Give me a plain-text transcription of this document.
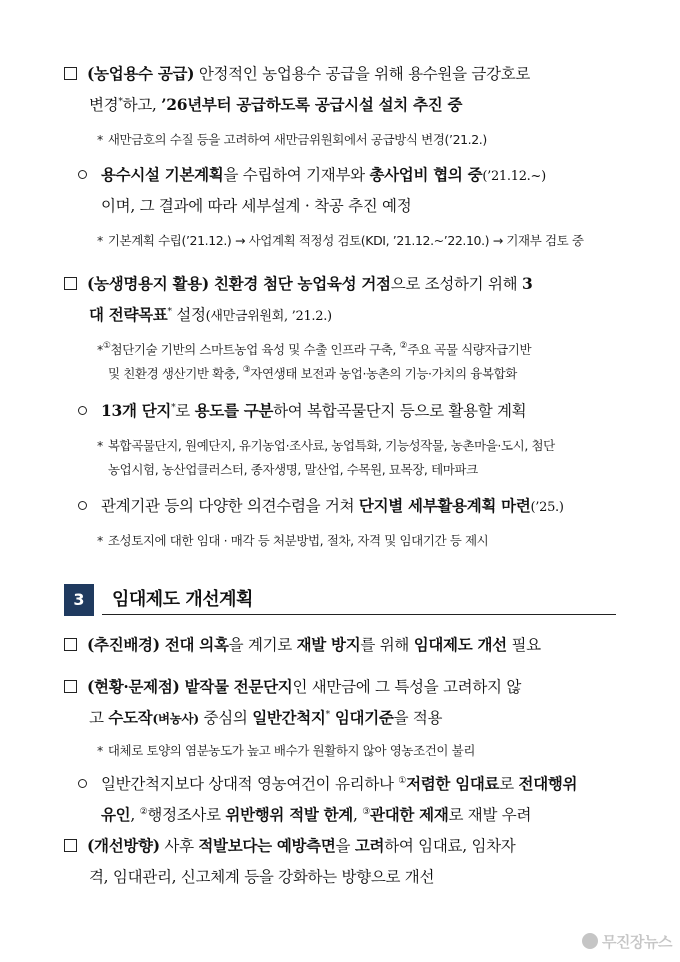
(농업용수 공급) 안정적인 농업용수 공급을 위해 용수원을 금강호로
변경*하고, ’26년부터 공급하도록 공급시설 설치 추진 중
* 새만금호의 수질 등을 고려하여 새만금위원회에서 공급방식 변경(’21.2.)
용수시설 기본계획을 수립하여 기재부와 총사업비 협의 중(’21.12.~)
이며, 그 결과에 따라 세부설계 · 착공 추진 예정
* 기본계획 수립(’21.12.) → 사업계획 적정성 검토(KDI, ’21.12.~’22.10.) → 기재부 검토 중
(농생명용지 활용) 친환경 첨단 농업육성 거점으로 조성하기 위해 3
대 전략목표* 설정(새만금위원회, ’21.2.)
*①첨단기술 기반의 스마트농업 육성 및 수출 인프라 구축, ②주요 곡물 식량자급기반
및 친환경 생산기반 확충, ③자연생태 보전과 농업·농촌의 기능·가치의 융복합화
13개 단지*로 용도를 구분하여 복합곡물단지 등으로 활용할 계획
* 복합곡물단지, 원예단지, 유기농업·조사료, 농업특화, 기능성작물, 농촌마을·도시, 첨단
농업시험, 농산업클러스터, 종자생명, 말산업, 수목원, 묘목장, 테마파크
관계기관 등의 다양한 의견수렴을 거쳐 단지별 세부활용계획 마련(’25.)
* 조성토지에 대한 임대 · 매각 등 처분방법, 절차, 자격 및 임대기간 등 제시
3	임대제도 개선계획
(추진배경) 전대 의혹을 계기로 재발 방지를 위해 임대제도 개선 필요
(현황·문제점) 밭작물 전문단지인 새만금에 그 특성을 고려하지 않
고 수도작(벼농사) 중심의 일반간척지* 임대기준을 적용
* 대체로 토양의 염분농도가 높고 배수가 원활하지 않아 영농조건이 불리
일반간척지보다 상대적 영농여건이 유리하나 ①저렴한 임대료로 전대행위
유인, ②행정조사로 위반행위 적발 한계, ③관대한 제재로 재발 우려
(개선방향) 사후 적발보다는 예방측면을 고려하여 임대료, 임차자
격, 임대관리, 신고체계 등을 강화하는 방향으로 개선
무진장뉴스
